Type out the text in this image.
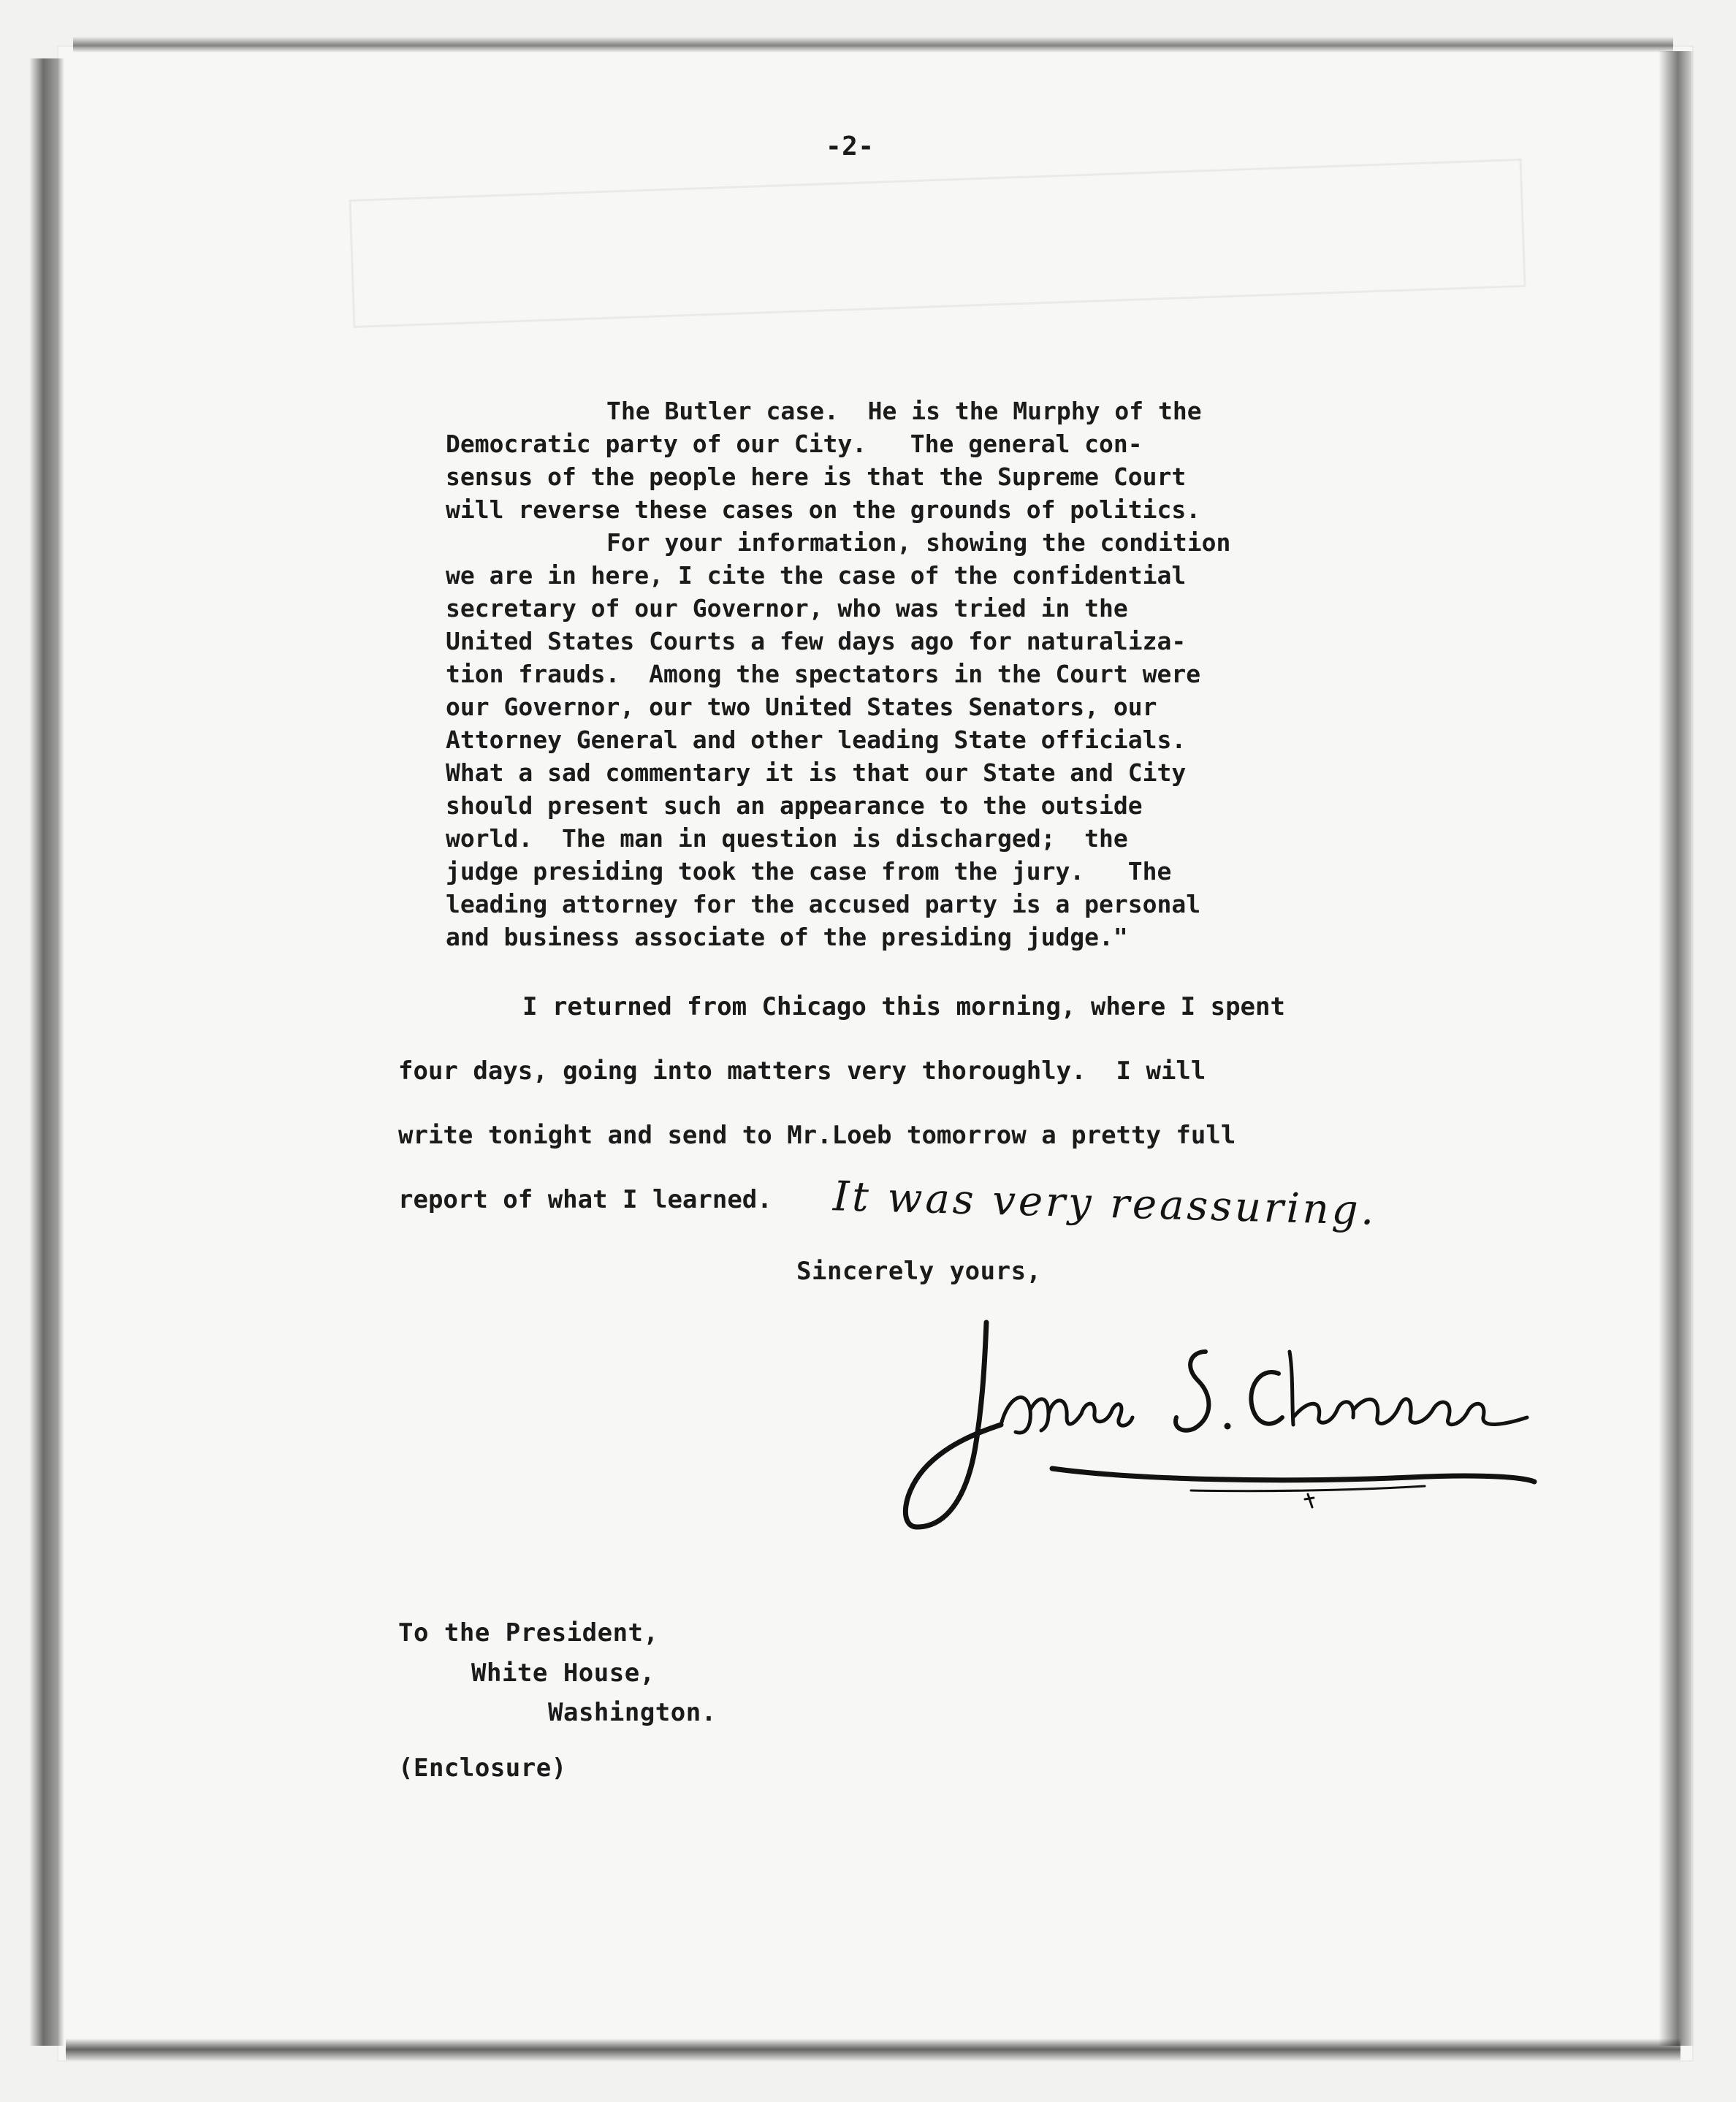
-2-
The Butler case.  He is the Murphy of the
Democratic party of our City.   The general con-
sensus of the people here is that the Supreme Court
will reverse these cases on the grounds of politics.
For your information, showing the condition
we are in here, I cite the case of the confidential
secretary of our Governor, who was tried in the
United States Courts a few days ago for naturaliza-
tion frauds.  Among the spectators in the Court were
our Governor, our two United States Senators, our
Attorney General and other leading State officials.
What a sad commentary it is that our State and City
should present such an appearance to the outside
world.  The man in question is discharged;  the
judge presiding took the case from the jury.   The
leading attorney for the accused party is a personal
and business associate of the presiding judge."
I returned from Chicago this morning, where I spent
four days, going into matters very thoroughly.  I will
write tonight and send to Mr.Loeb tomorrow a pretty full
report of what I learned.	It was very reassuring.
Sincerely yours,
To the President,
White House,
Washington.
(Enclosure)
